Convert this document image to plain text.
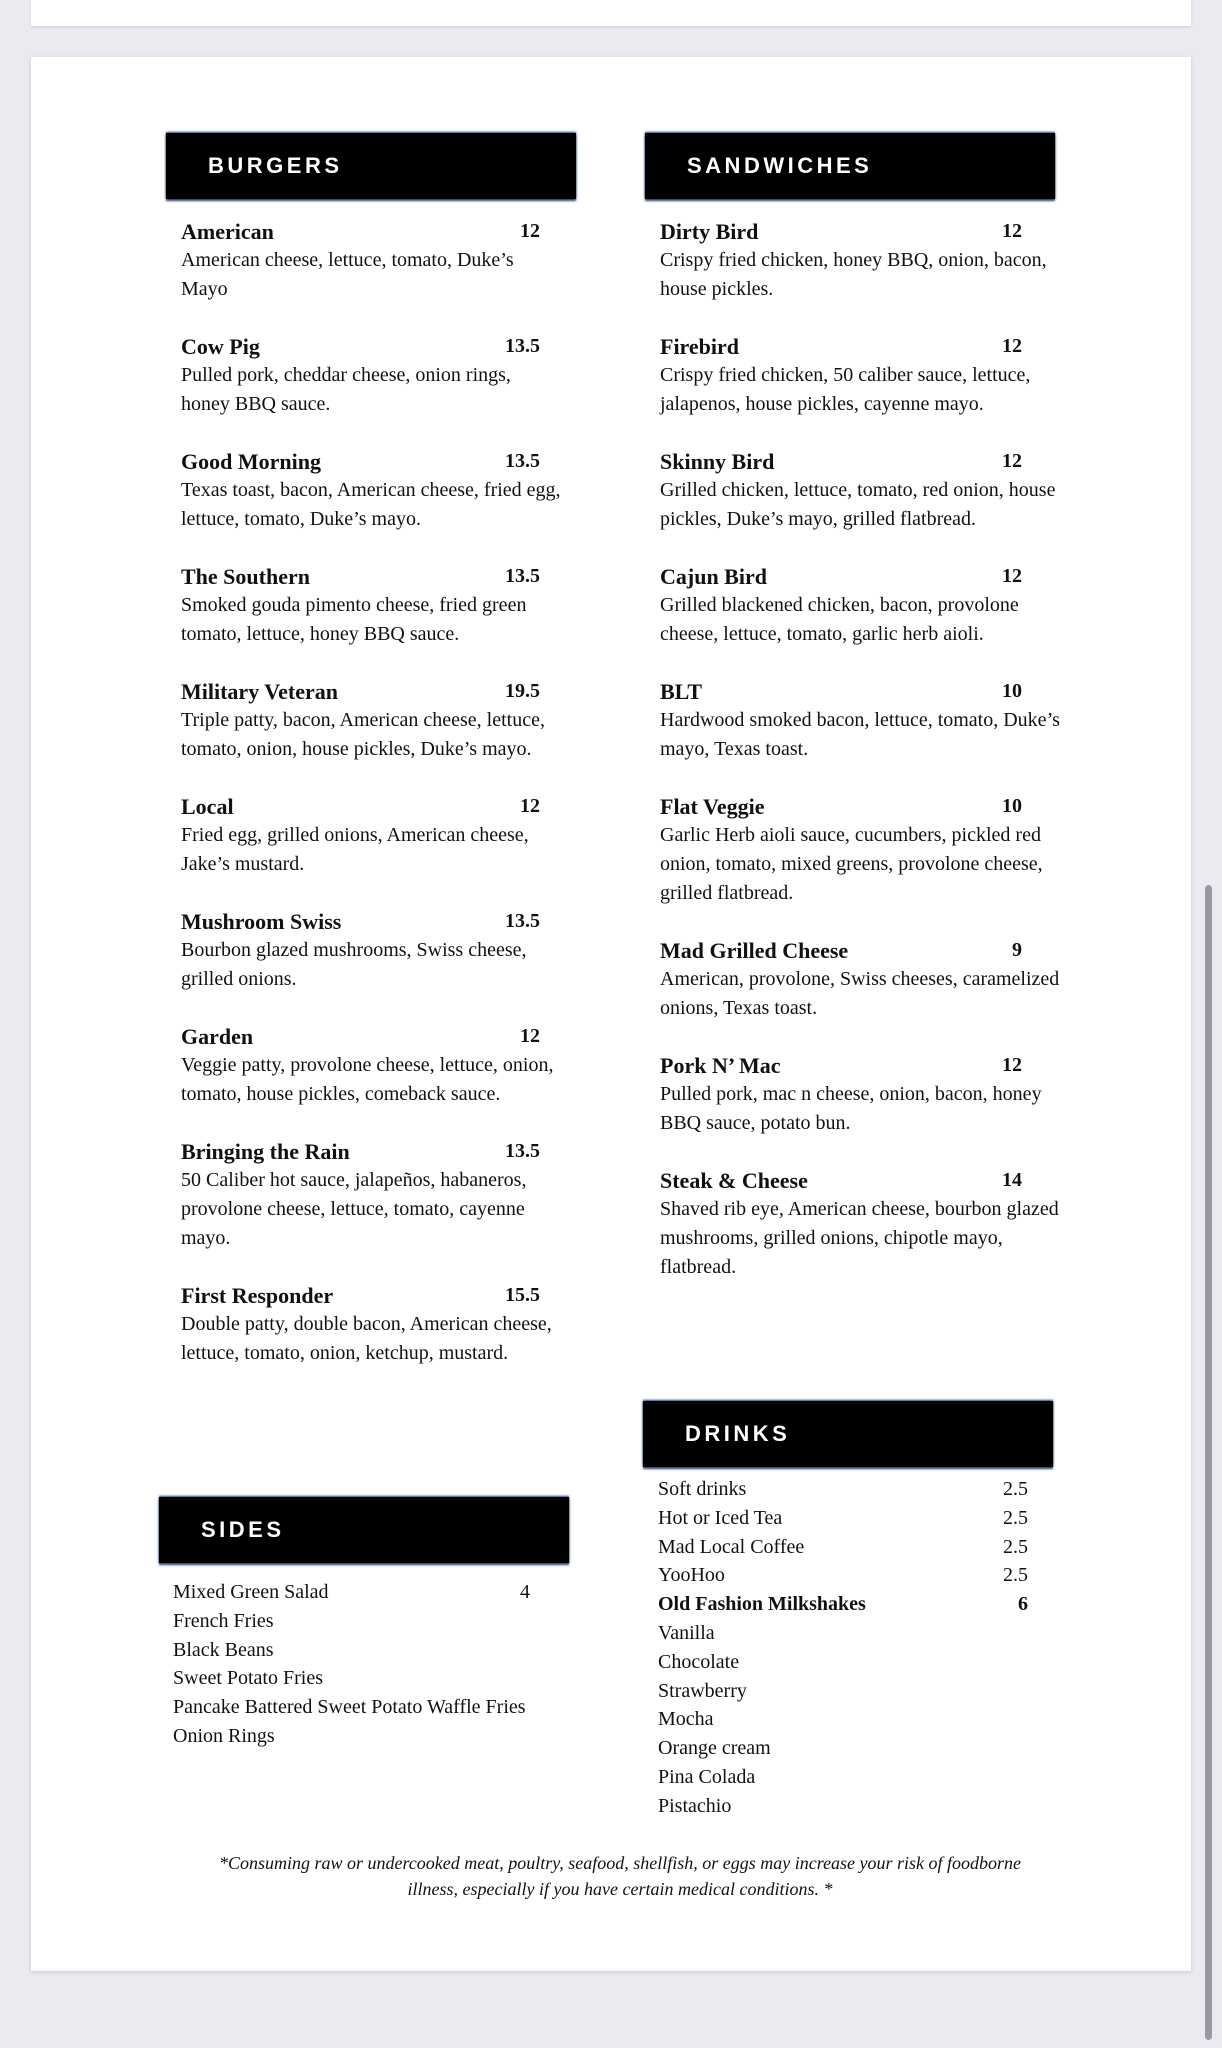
BURGERS	SANDWICHES
American	12
American cheese, lettuce, tomato, Duke’s Mayo
Cow Pig	13.5
Pulled pork, cheddar cheese, onion rings, honey BBQ sauce.
Good Morning	13.5
Texas toast, bacon, American cheese, fried egg, lettuce, tomato, Duke’s mayo.
The Southern	13.5
Smoked gouda pimento cheese, fried green tomato, lettuce, honey BBQ sauce.
Military Veteran	19.5
Triple patty, bacon, American cheese, lettuce, tomato, onion, house pickles, Duke’s mayo.
Local	12
Fried egg, grilled onions, American cheese, Jake’s mustard.
Mushroom Swiss	13.5
Bourbon glazed mushrooms, Swiss cheese, grilled onions.
Garden	12
Veggie patty, provolone cheese, lettuce, onion, tomato, house pickles, comeback sauce.
Bringing the Rain	13.5
50 Caliber hot sauce, jalapeños, habaneros, provolone cheese, lettuce, tomato, cayenne mayo.
First Responder	15.5
Double patty, double bacon, American cheese, lettuce, tomato, onion, ketchup, mustard.
Dirty Bird	12
Crispy fried chicken, honey BBQ, onion, bacon, house pickles.
Firebird	12
Crispy fried chicken, 50 caliber sauce, lettuce, jalapenos, house pickles, cayenne mayo.
Skinny Bird	12
Grilled chicken, lettuce, tomato, red onion, house pickles, Duke’s mayo, grilled flatbread.
Cajun Bird	12
Grilled blackened chicken, bacon, provolone cheese, lettuce, tomato, garlic herb aioli.
BLT	10
Hardwood smoked bacon, lettuce, tomato, Duke’s mayo, Texas toast.
Flat Veggie	10
Garlic Herb aioli sauce, cucumbers, pickled red onion, tomato, mixed greens, provolone cheese, grilled flatbread.
Mad Grilled Cheese	9
American, provolone, Swiss cheeses, caramelized onions, Texas toast.
Pork N’ Mac	12
Pulled pork, mac n cheese, onion, bacon, honey BBQ sauce, potato bun.
Steak & Cheese	14
Shaved rib eye, American cheese, bourbon glazed mushrooms, grilled onions, chipotle mayo, flatbread.
SIDES
Mixed Green Salad	4
French Fries
Black Beans
Sweet Potato Fries
Pancake Battered Sweet Potato Waffle Fries
Onion Rings
DRINKS
Soft drinks	2.5
Hot or Iced Tea	2.5
Mad Local Coffee	2.5
YooHoo	2.5
Old Fashion Milkshakes	6
Vanilla
Chocolate
Strawberry
Mocha
Orange cream
Pina Colada
Pistachio
*Consuming raw or undercooked meat, poultry, seafood, shellfish, or eggs may increase your risk of foodborne illness, especially if you have certain medical conditions. *
